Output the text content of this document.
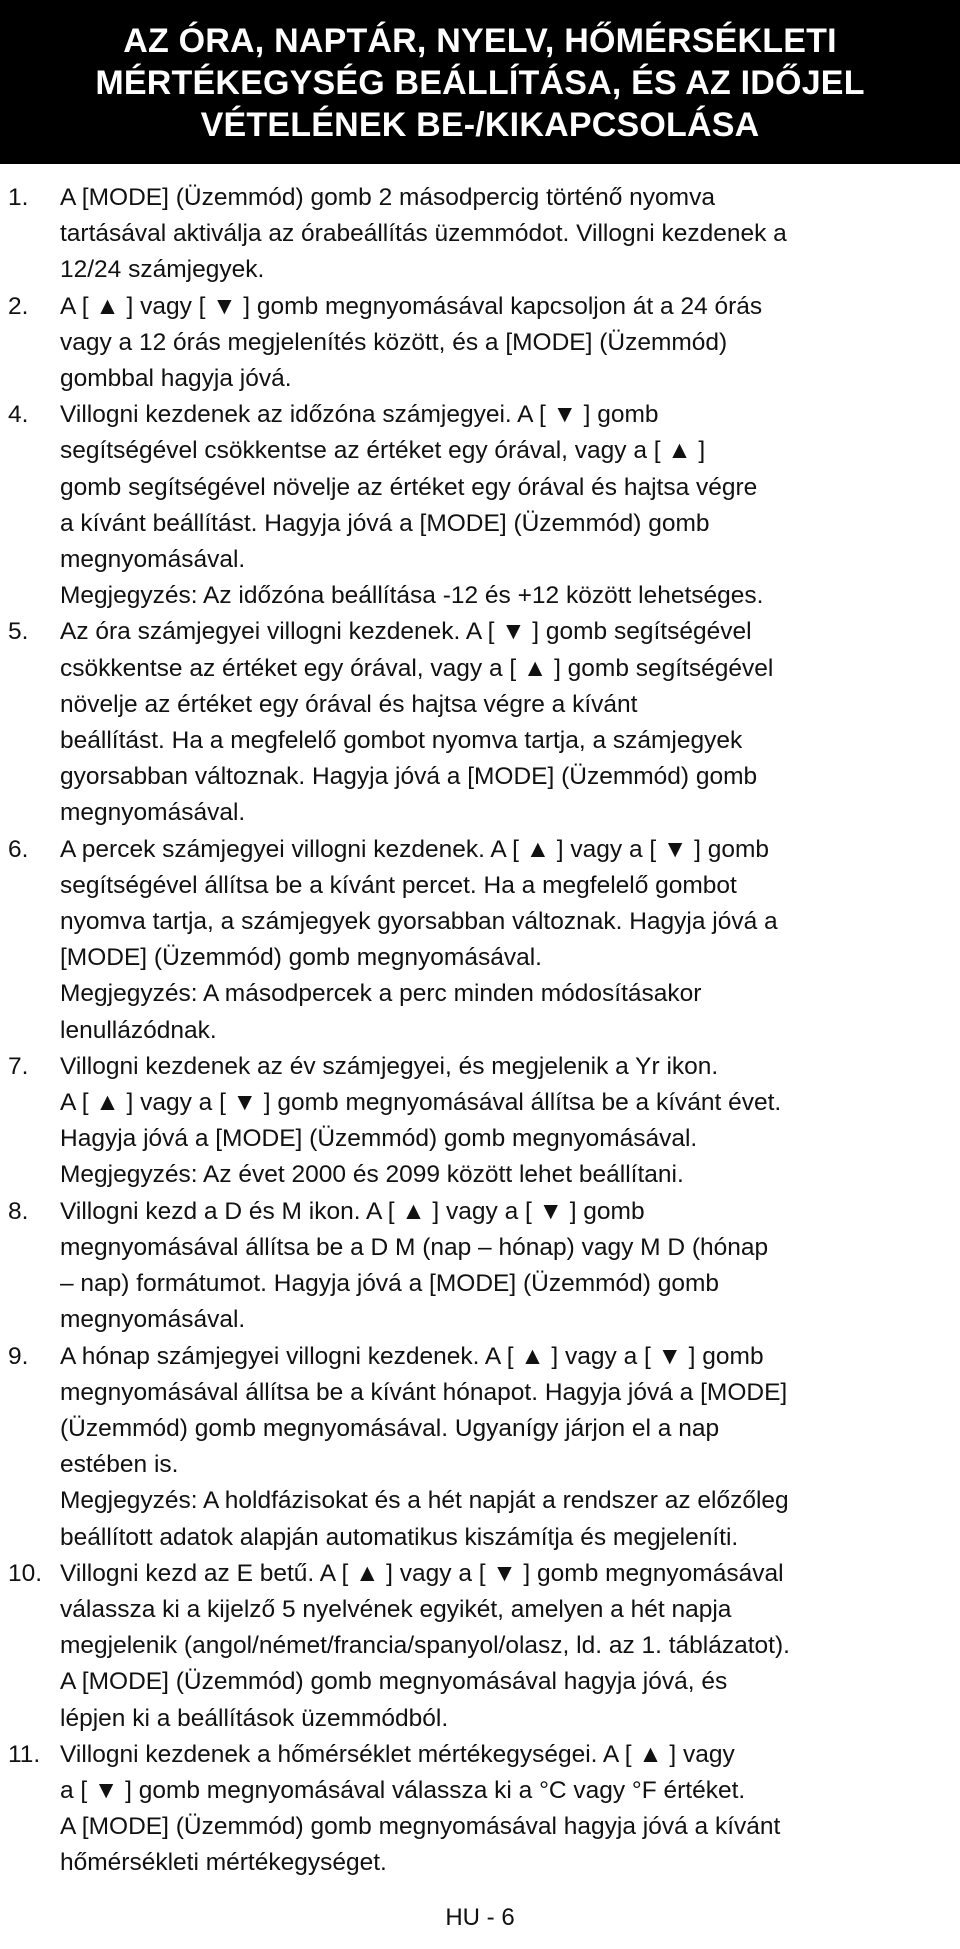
AZ ÓRA, NAPTÁR, NYELV, HŐMÉRSÉKLETI
MÉRTÉKEGYSÉG BEÁLLÍTÁSA, ÉS AZ IDŐJEL
VÉTELÉNEK BE-/KIKAPCSOLÁSA
1. A [MODE] (Üzemmód) gomb 2 másodpercig történő nyomva
tartásával aktiválja az órabeállítás üzemmódot. Villogni kezdenek a
12/24 számjegyek.
2. A [ ▲ ] vagy [ ▼ ] gomb megnyomásával kapcsoljon át a 24 órás
vagy a 12 órás megjelenítés között, és a [MODE] (Üzemmód)
gombbal hagyja jóvá.
4. Villogni kezdenek az időzóna számjegyei. A [ ▼ ] gomb
segítségével csökkentse az értéket egy órával, vagy a [ ▲ ]
gomb segítségével növelje az értéket egy órával és hajtsa végre
a kívánt beállítást. Hagyja jóvá a [MODE] (Üzemmód) gomb
megnyomásával.
Megjegyzés: Az időzóna beállítása -12 és +12 között lehetséges.
5. Az óra számjegyei villogni kezdenek. A [ ▼ ] gomb segítségével
csökkentse az értéket egy órával, vagy a [ ▲ ] gomb segítségével
növelje az értéket egy órával és hajtsa végre a kívánt
beállítást. Ha a megfelelő gombot nyomva tartja, a számjegyek
gyorsabban változnak. Hagyja jóvá a [MODE] (Üzemmód) gomb
megnyomásával.
6. A percek számjegyei villogni kezdenek. A [ ▲ ] vagy a [ ▼ ] gomb
segítségével állítsa be a kívánt percet. Ha a megfelelő gombot
nyomva tartja, a számjegyek gyorsabban változnak. Hagyja jóvá a
[MODE] (Üzemmód) gomb megnyomásával.
Megjegyzés: A másodpercek a perc minden módosításakor
lenullázódnak.
7. Villogni kezdenek az év számjegyei, és megjelenik a Yr ikon.
A [ ▲ ] vagy a [ ▼ ] gomb megnyomásával állítsa be a kívánt évet.
Hagyja jóvá a [MODE] (Üzemmód) gomb megnyomásával.
Megjegyzés: Az évet 2000 és 2099 között lehet beállítani.
8. Villogni kezd a D és M ikon. A [ ▲ ] vagy a [ ▼ ] gomb
megnyomásával állítsa be a D M (nap – hónap) vagy M D (hónap
– nap) formátumot. Hagyja jóvá a [MODE] (Üzemmód) gomb
megnyomásával.
9. A hónap számjegyei villogni kezdenek. A [ ▲ ] vagy a [ ▼ ] gomb
megnyomásával állítsa be a kívánt hónapot. Hagyja jóvá a [MODE]
(Üzemmód) gomb megnyomásával. Ugyanígy járjon el a nap
estében is.
Megjegyzés: A holdfázisokat és a hét napját a rendszer az előzőleg
beállított adatok alapján automatikus kiszámítja és megjeleníti.
10. Villogni kezd az E betű. A [ ▲ ] vagy a [ ▼ ] gomb megnyomásával
válassza ki a kijelző 5 nyelvének egyikét, amelyen a hét napja
megjelenik (angol/német/francia/spanyol/olasz, ld. az 1. táblázatot).
A [MODE] (Üzemmód) gomb megnyomásával hagyja jóvá, és
lépjen ki a beállítások üzemmódból.
11. Villogni kezdenek a hőmérséklet mértékegységei. A [ ▲ ] vagy
a [ ▼ ] gomb megnyomásával válassza ki a °C vagy °F értéket.
A [MODE] (Üzemmód) gomb megnyomásával hagyja jóvá a kívánt
hőmérsékleti mértékegységet.
HU - 6
